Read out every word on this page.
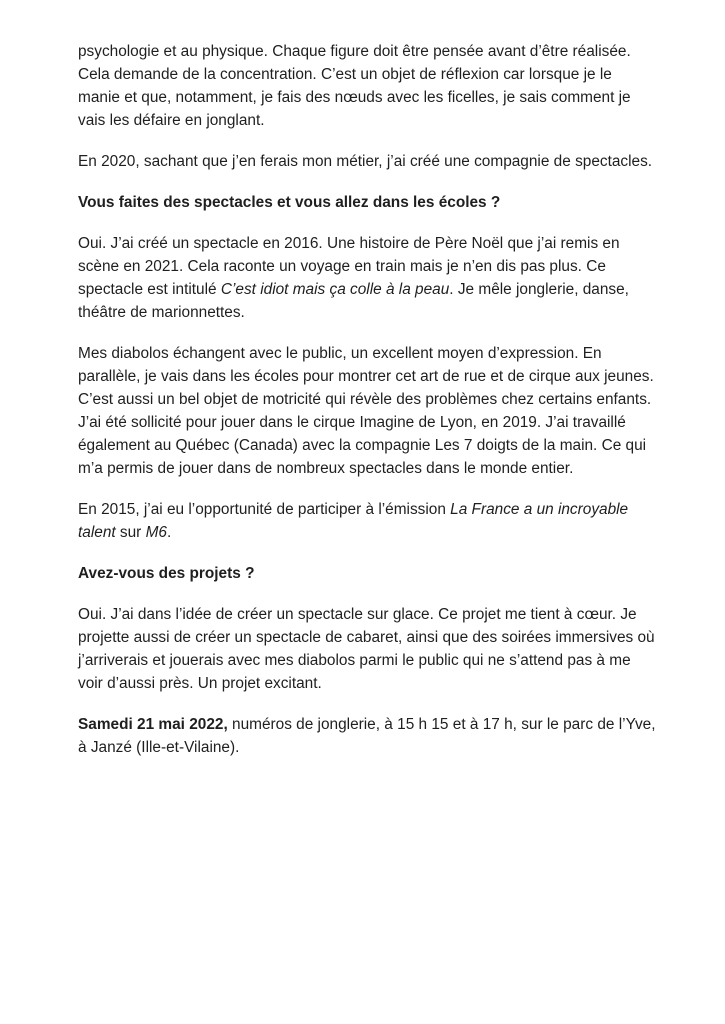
psychologie et au physique. Chaque figure doit être pensée avant d’être réalisée. Cela demande de la concentration. C’est un objet de réflexion car lorsque je le manie et que, notamment, je fais des nœuds avec les ficelles, je sais comment je vais les défaire en jonglant.

En 2020, sachant que j’en ferais mon métier, j’ai créé une compagnie de spectacles.

Vous faites des spectacles et vous allez dans les écoles ?

Oui. J’ai créé un spectacle en 2016. Une histoire de Père Noël que j’ai remis en scène en 2021. Cela raconte un voyage en train mais je n’en dis pas plus. Ce spectacle est intitulé C’est idiot mais ça colle à la peau. Je mêle jonglerie, danse, théâtre de marionnettes.

Mes diabolos échangent avec le public, un excellent moyen d’expression. En parallèle, je vais dans les écoles pour montrer cet art de rue et de cirque aux jeunes. C’est aussi un bel objet de motricité qui révèle des problèmes chez certains enfants. J’ai été sollicité pour jouer dans le cirque Imagine de Lyon, en 2019. J’ai travaillé également au Québec (Canada) avec la compagnie Les 7 doigts de la main. Ce qui m’a permis de jouer dans de nombreux spectacles dans le monde entier.

En 2015, j’ai eu l’opportunité de participer à l’émission La France a un incroyable talent sur M6.

Avez-vous des projets ?

Oui. J’ai dans l’idée de créer un spectacle sur glace. Ce projet me tient à cœur. Je projette aussi de créer un spectacle de cabaret, ainsi que des soirées immersives où j’arriverais et jouerais avec mes diabolos parmi le public qui ne s’attend pas à me voir d’aussi près. Un projet excitant.

Samedi 21 mai 2022, numéros de jonglerie, à 15 h 15 et à 17 h, sur le parc de l’Yve, à Janzé (Ille-et-Vilaine).
